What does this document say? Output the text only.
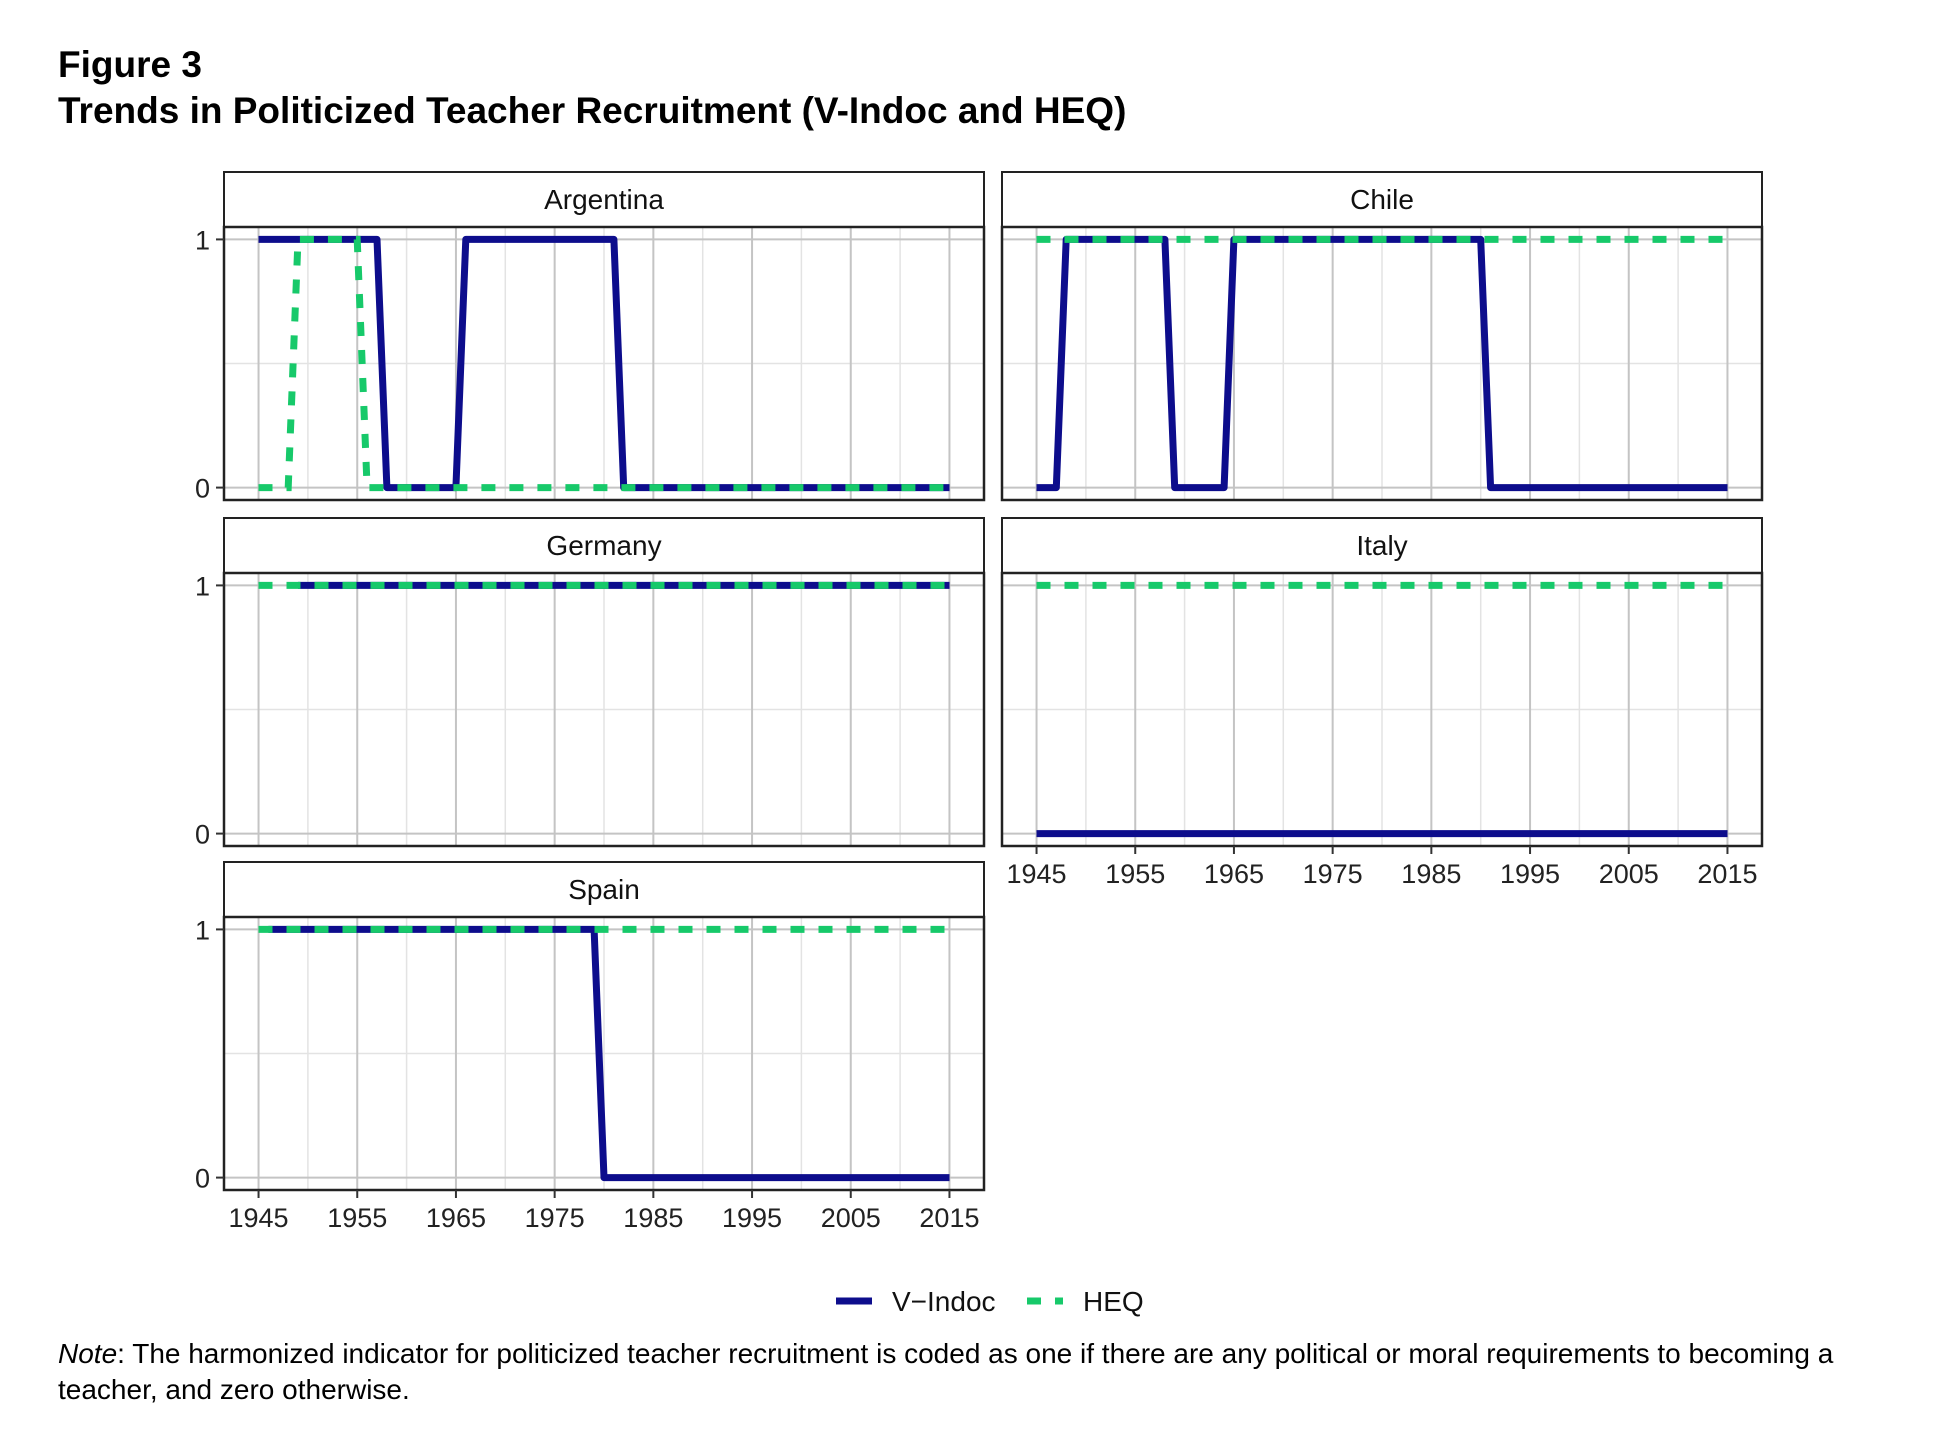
Figure 3
Trends in Politicized Teacher Recruitment (V-Indoc and HEQ)
Argentina
0
1
Chile
Germany
0
1
Italy
1945 1955 1965 1975 1985 1995 2005 2015
Spain
0
1
1945 1955 1965 1975 1985 1995 2005 2015
V−Indoc	HEQ

Note: The harmonized indicator for politicized teacher recruitment is coded as one if there are any political or moral requirements to becoming a teacher, and zero otherwise.
